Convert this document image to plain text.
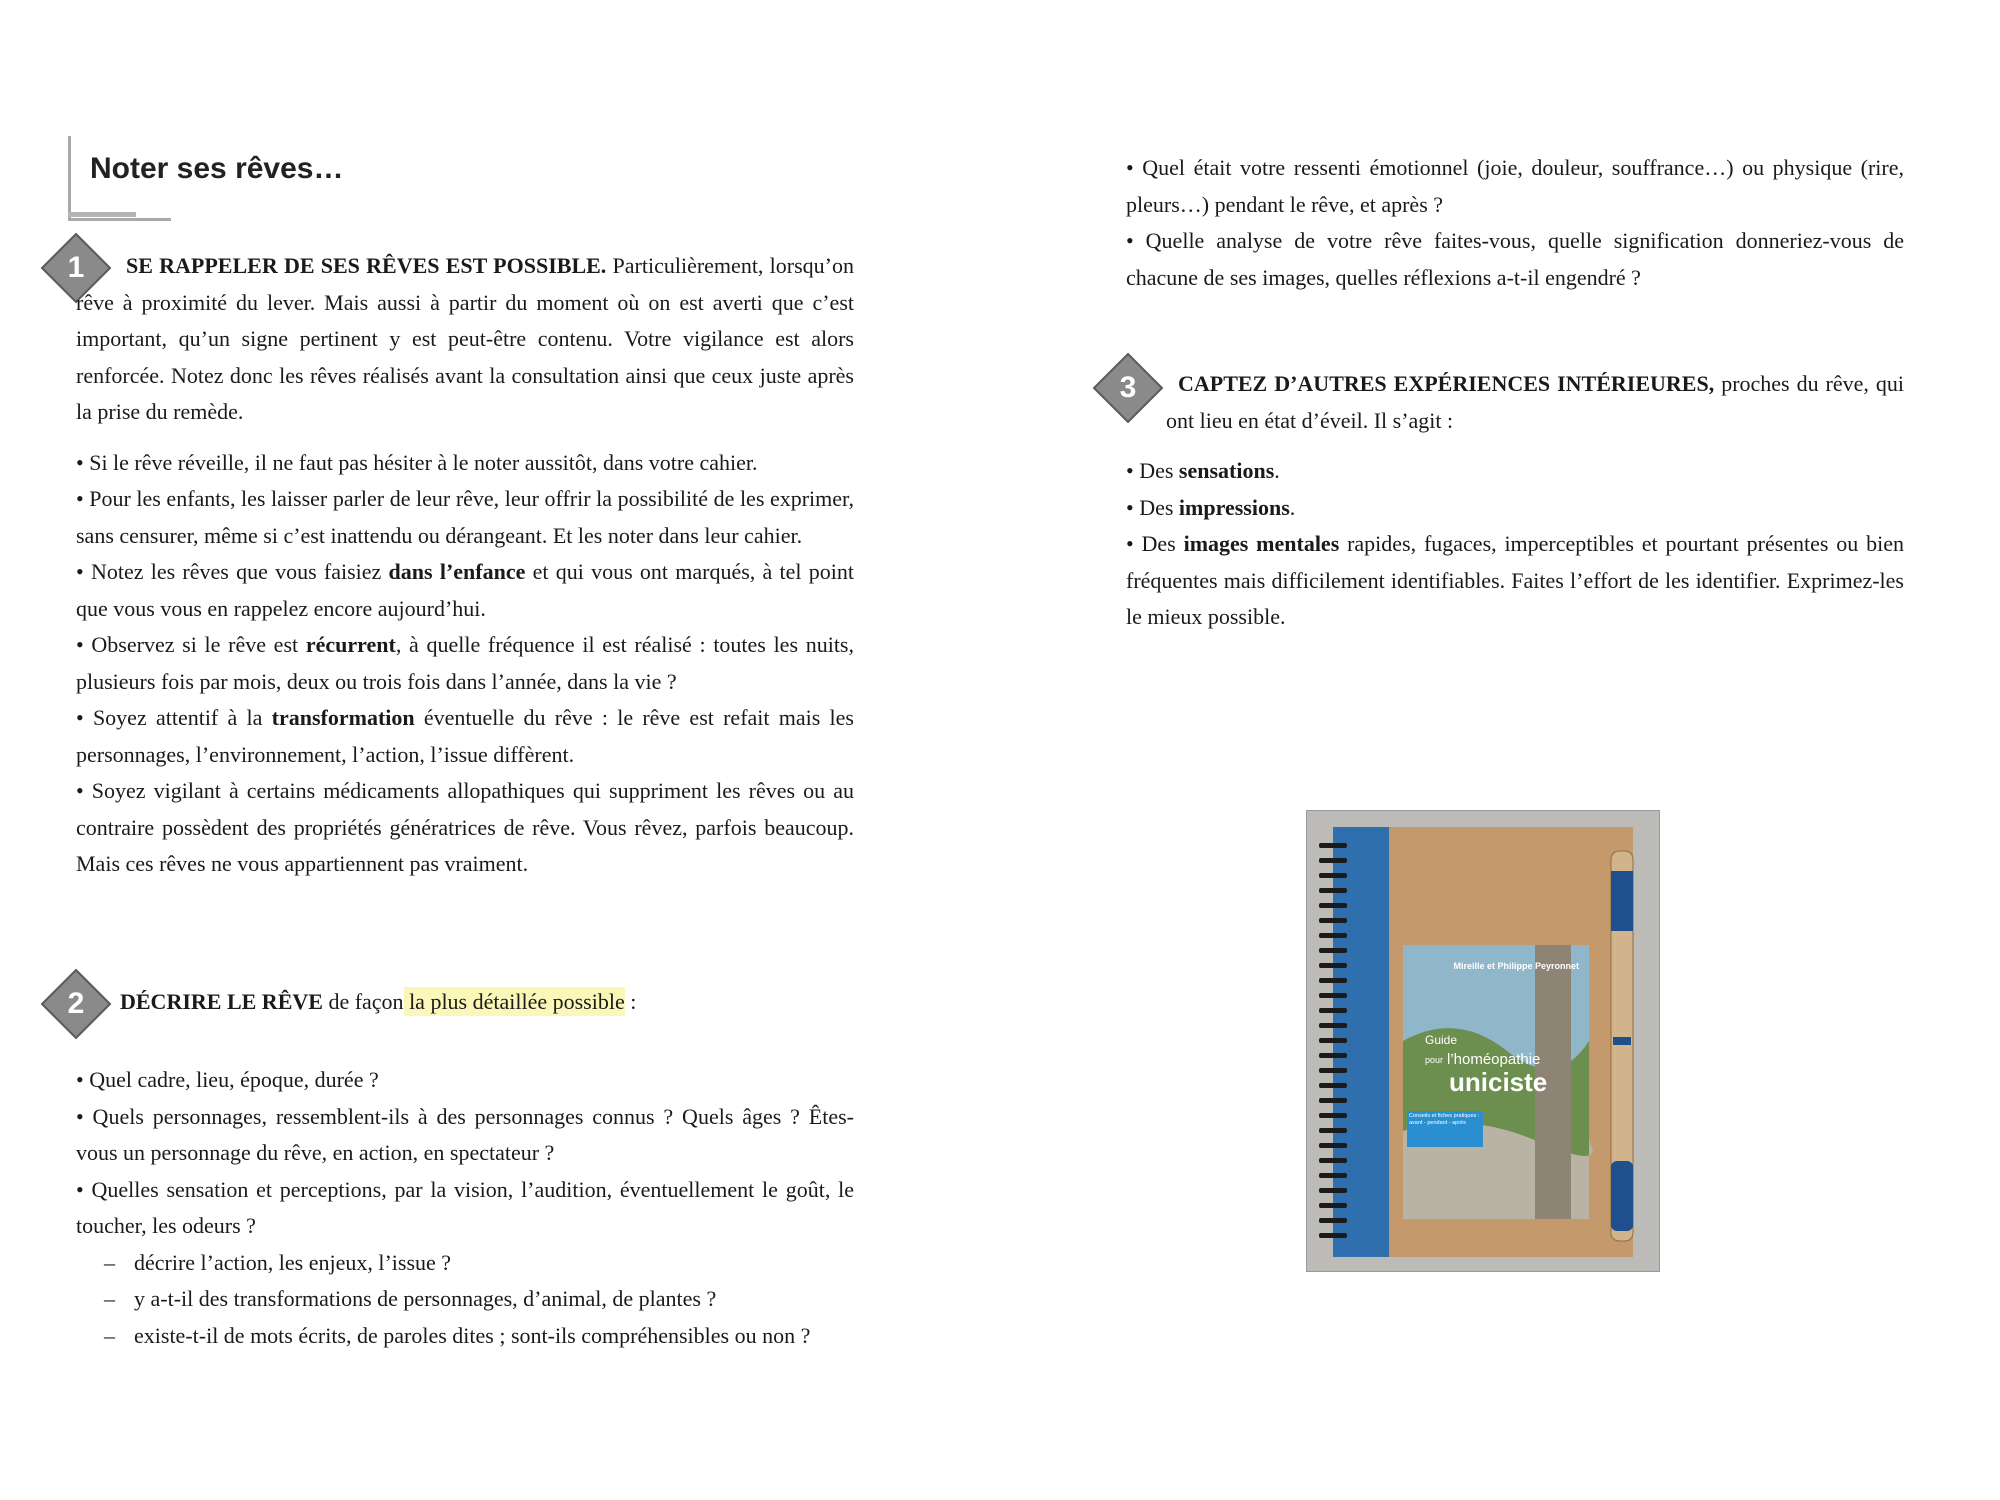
Noter ses rêves…
1	SE RAPPELER DE SES RÊVES EST POSSIBLE. Particulièrement, lorsqu’on rêve à proximité du lever. Mais aussi à partir du moment où on est averti que c’est important, qu’un signe pertinent y est peut-être contenu. Votre vigilance est alors renforcée. Notez donc les rêves réalisés avant la consultation ainsi que ceux juste après la prise du remède.

• Si le rêve réveille, il ne faut pas hésiter à le noter aussitôt, dans votre cahier.

• Pour les enfants, les laisser parler de leur rêve, leur offrir la possibilité de les exprimer, sans censurer, même si c’est inattendu ou dérangeant. Et les noter dans leur cahier.

• Notez les rêves que vous faisiez dans l’enfance et qui vous ont marqués, à tel point que vous vous en rappelez encore aujourd’hui.

• Observez si le rêve est récurrent, à quelle fréquence il est réalisé : toutes les nuits, plusieurs fois par mois, deux ou trois fois dans l’année, dans la vie ?

• Soyez attentif à la transformation éventuelle du rêve : le rêve est refait mais les personnages, l’environnement, l’action, l’issue diffèrent.

• Soyez vigilant à certains médicaments allopathiques qui suppriment les rêves ou au contraire possèdent des propriétés génératrices de rêve. Vous rêvez, parfois beaucoup. Mais ces rêves ne vous appartiennent pas vraiment.

2	DÉCRIRE LE RÊVE de façon la plus détaillée possible :

• Quel cadre, lieu, époque, durée ?

• Quels personnages, ressemblent-ils à des personnages connus ? Quels âges ? Êtes-vous un personnage du rêve, en action, en spectateur ?

• Quelles sensation et perceptions, par la vision, l’audition, éventuellement le goût, le toucher, les odeurs ?

– décrire l’action, les enjeux, l’issue ?

– y a-t-il des transformations de personnages, d’animal, de plantes ?

– existe-t-il de mots écrits, de paroles dites ; sont-ils compréhensibles ou non ?

• Quel était votre ressenti émotionnel (joie, douleur, souffrance…) ou physique (rire, pleurs…) pendant le rêve, et après ?

• Quelle analyse de votre rêve faites-vous, quelle signification donneriez-vous de chacune de ses images, quelles réflexions a-t-il engendré ?

3	CAPTEZ D’AUTRES EXPÉRIENCES INTÉRIEURES, proches du rêve, qui ont lieu en état d’éveil. Il s’agit :

• Des sensations.

• Des impressions.

• Des images mentales rapides, fugaces, imperceptibles et pourtant présentes ou bien fréquentes mais difficilement identifiables. Faites l’effort de les identifier. Exprimez-les le mieux possible.

Mireille et Philippe Peyronnet
Guide
pour l’homéopathie
uniciste
Conseils et fiches pratiques : avant - pendant - après
